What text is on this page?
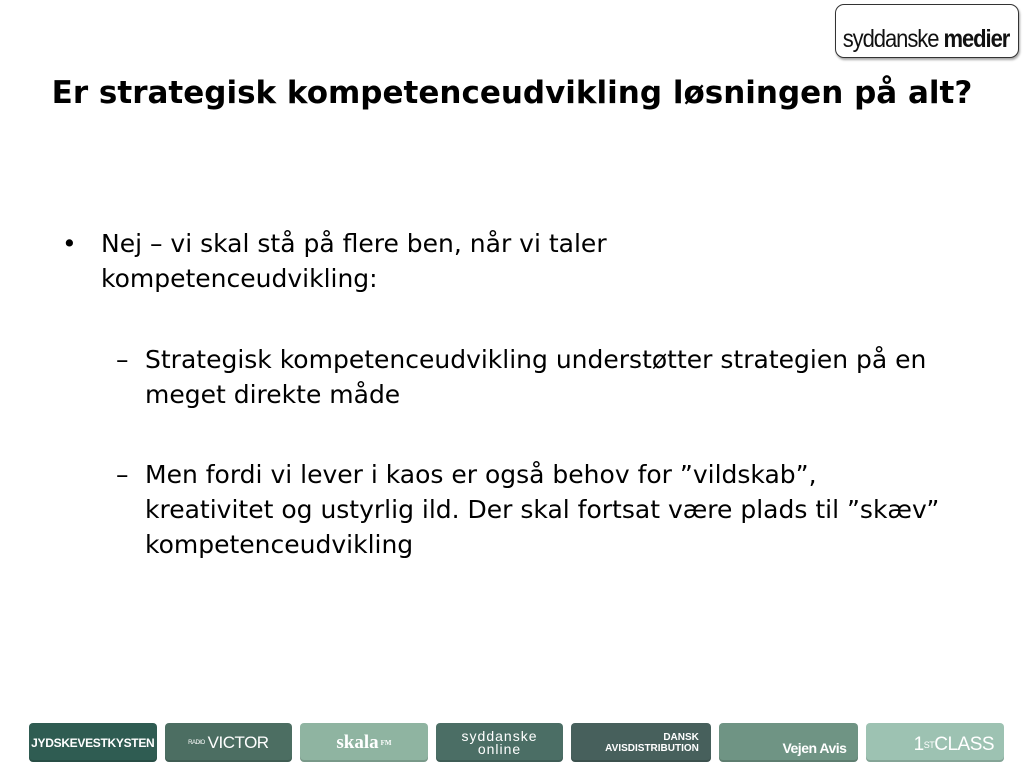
syddanske medier
Er strategisk kompetenceudvikling løsningen på alt?
• Nej – vi skal stå på flere ben, når vi taler kompetenceudvikling:
– Strategisk kompetenceudvikling understøtter strategien på en meget direkte måde
– Men fordi vi lever i kaos er også behov for ”vildskab”, kreativitet og ustyrlig ild. Der skal fortsat være plads til ”skæv” kompetenceudvikling
JYDSKEVESTKYSTEN	RADIO VICTOR	skala FM	syddanske
online
DANSK
AVISDISTRIBUTION	Vejen Avis	1 ST CLASS
